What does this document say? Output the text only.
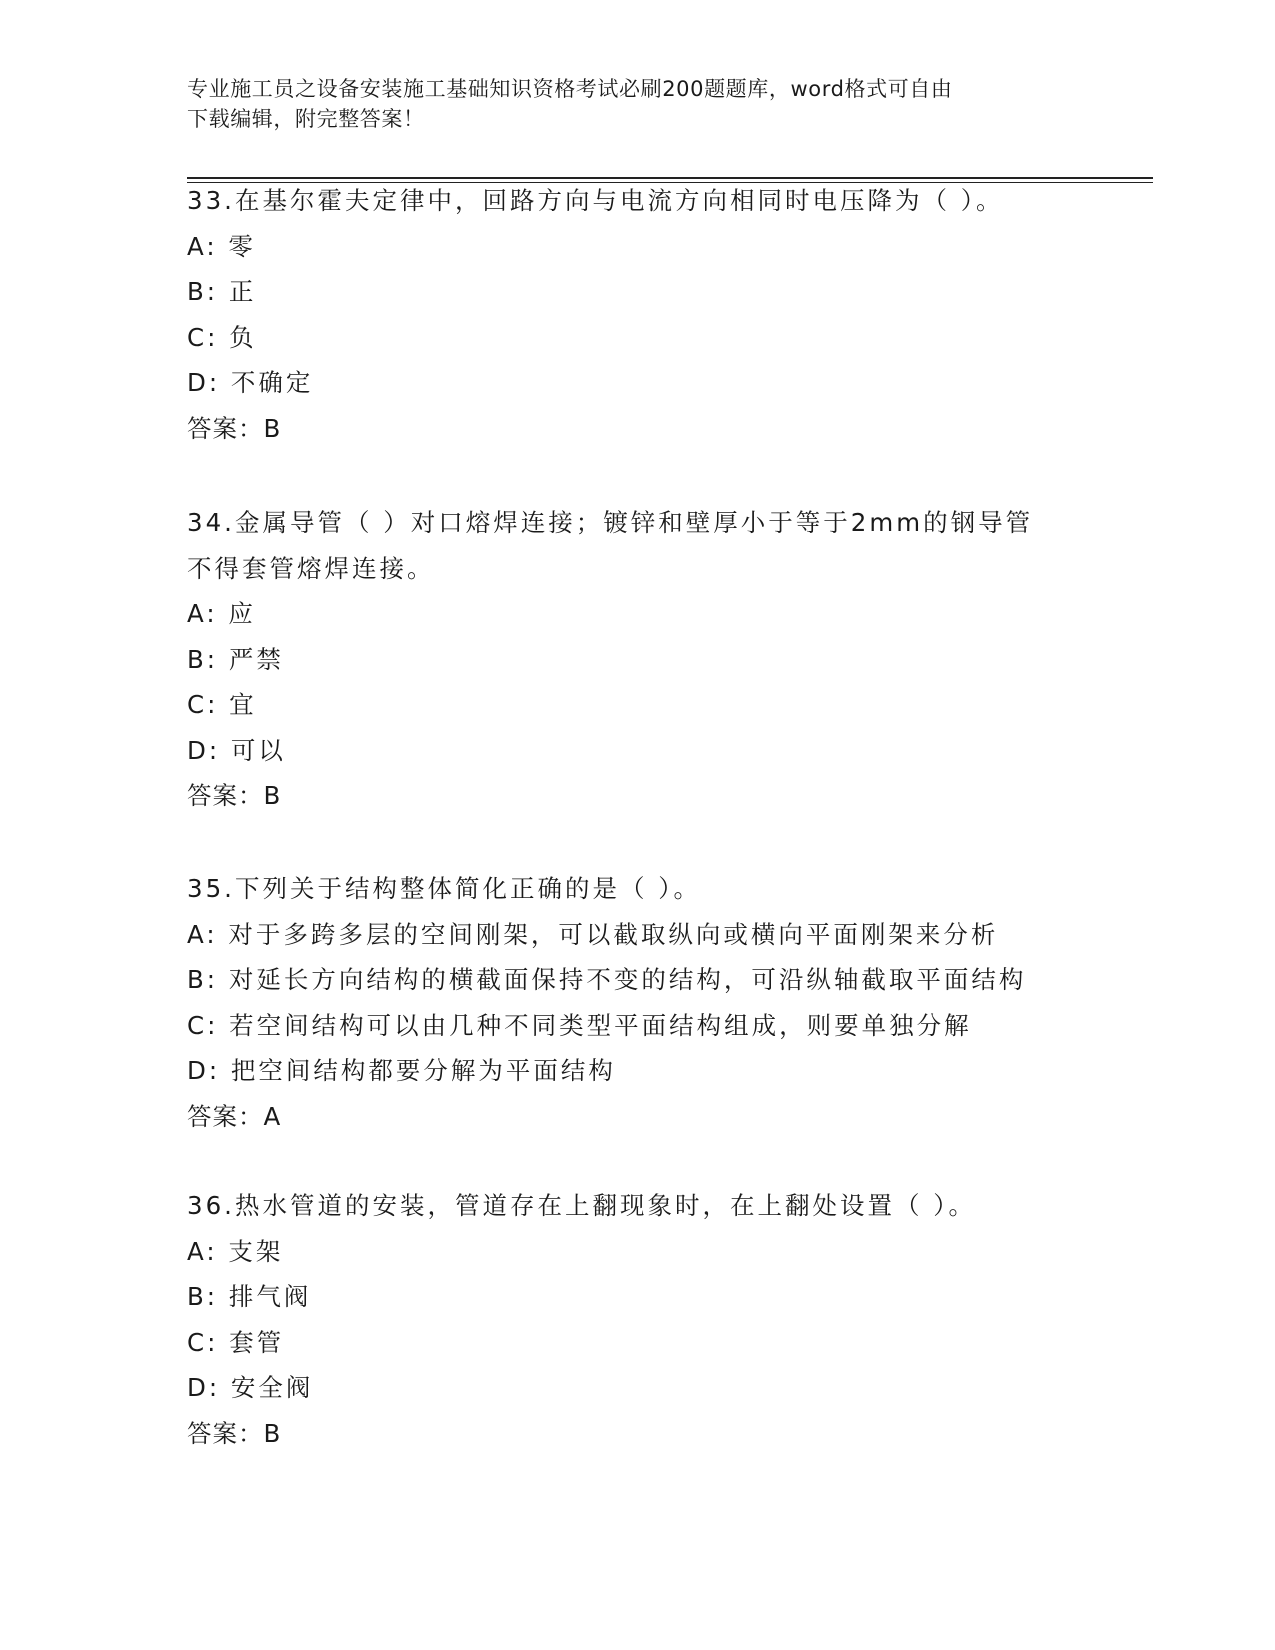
专业施工员之设备安装施工基础知识资格考试必刷200题题库，word格式可自由
下载编辑，附完整答案！
33.在基尔霍夫定律中，回路方向与电流方向相同时电压降为（ ）。
A: 零
B: 正
C: 负
D: 不确定
答案：B
34.金属导管（ ）对口熔焊连接；镀锌和壁厚小于等于2mm的钢导管
不得套管熔焊连接。
A: 应
B: 严禁
C: 宜
D: 可以
答案：B
35.下列关于结构整体简化正确的是（ ）。
A: 对于多跨多层的空间刚架，可以截取纵向或横向平面刚架来分析
B: 对延长方向结构的横截面保持不变的结构，可沿纵轴截取平面结构
C: 若空间结构可以由几种不同类型平面结构组成，则要单独分解
D: 把空间结构都要分解为平面结构
答案：A
36.热水管道的安装，管道存在上翻现象时，在上翻处设置（ ）。
A: 支架
B: 排气阀
C: 套管
D: 安全阀
答案：B
